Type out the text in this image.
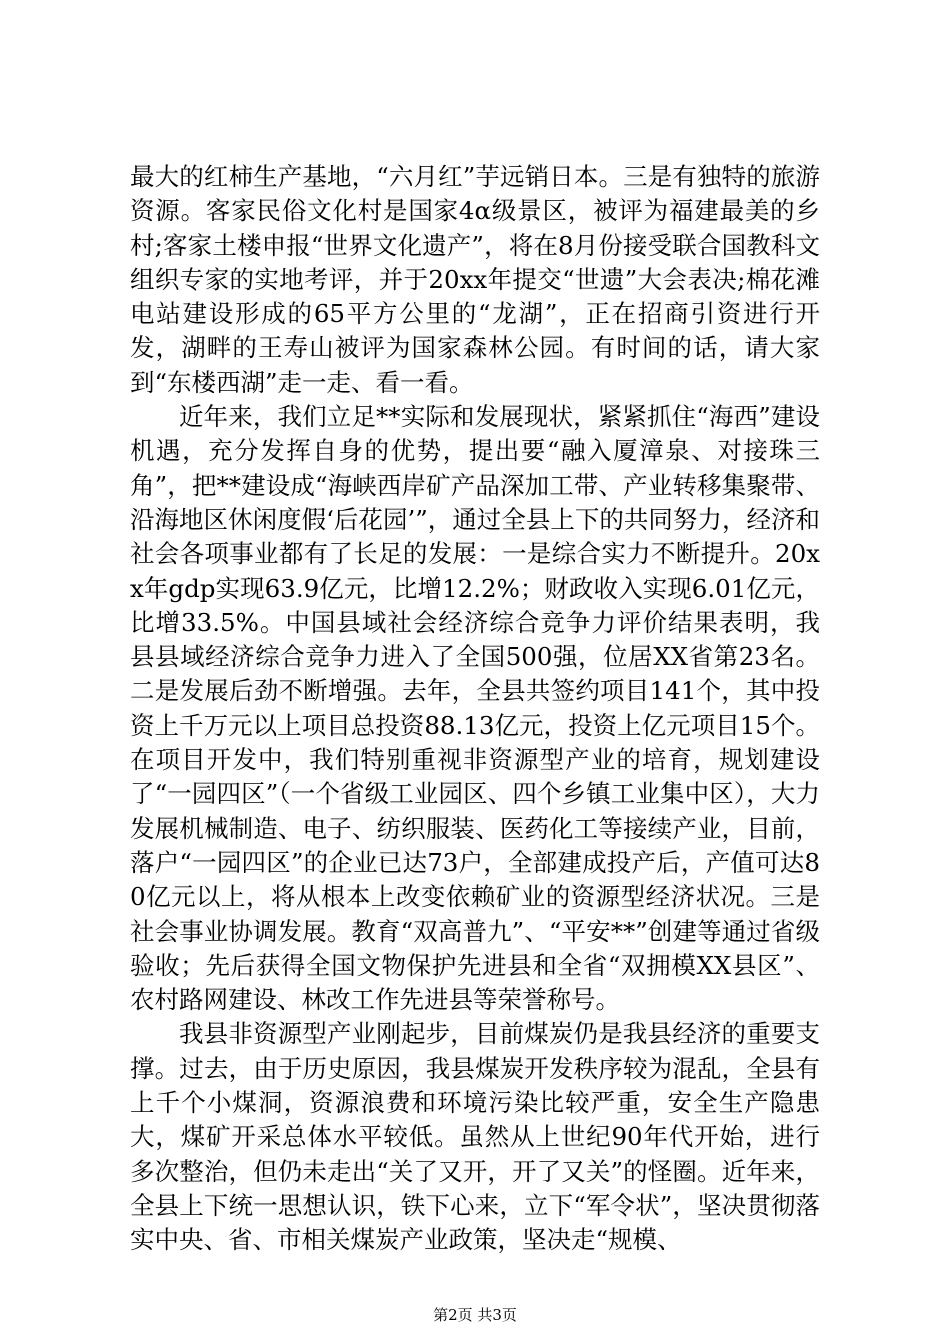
最大的红柿生产基地，“六月红”芋远销日本。三是有独特的旅游资源。客家民俗文化村是国家4α级景区，被评为福建最美的乡村;客家土楼申报“世界文化遗产”，将在8月份接受联合国教科文组织专家的实地考评，并于20xx年提交“世遗”大会表决;棉花滩电站建设形成的65平方公里的“龙湖”，正在招商引资进行开发，湖畔的王寿山被评为国家森林公园。有时间的话，请大家到“东楼西湖”走一走、看一看。

近年来，我们立足**实际和发展现状，紧紧抓住“海西”建设机遇，充分发挥自身的优势，提出要“融入厦漳泉、对接珠三角”，把**建设成“海峡西岸矿产品深加工带、产业转移集聚带、沿海地区休闲度假‘后花园’”，通过全县上下的共同努力，经济和社会各项事业都有了长足的发展：一是综合实力不断提升。20xx年gdp实现63.9亿元，比增12.2%；财政收入实现6.01亿元，比增33.5%。中国县域社会经济综合竞争力评价结果表明，我县县域经济综合竞争力进入了全国500强，位居XX省第23名。二是发展后劲不断增强。去年，全县共签约项目141个，其中投资上千万元以上项目总投资88.13亿元，投资上亿元项目15个。在项目开发中，我们特别重视非资源型产业的培育，规划建设了“一园四区”（一个省级工业园区、四个乡镇工业集中区），大力发展机械制造、电子、纺织服装、医药化工等接续产业，目前，落户“一园四区”的企业已达73户，全部建成投产后，产值可达80亿元以上，将从根本上改变依赖矿业的资源型经济状况。三是社会事业协调发展。教育“双高普九”、“平安**”创建等通过省级验收；先后获得全国文物保护先进县和全省“双拥模XX县区”、农村路网建设、林改工作先进县等荣誉称号。

我县非资源型产业刚起步，目前煤炭仍是我县经济的重要支撑。过去，由于历史原因，我县煤炭开发秩序较为混乱，全县有上千个小煤洞，资源浪费和环境污染比较严重，安全生产隐患大，煤矿开采总体水平较低。虽然从上世纪90年代开始，进行多次整治，但仍未走出“关了又开，开了又关”的怪圈。近年来，全县上下统一思想认识，铁下心来，立下“军令状”，坚决贯彻落实中央、省、市相关煤炭产业政策，坚决走“规模、

第2页 共3页
